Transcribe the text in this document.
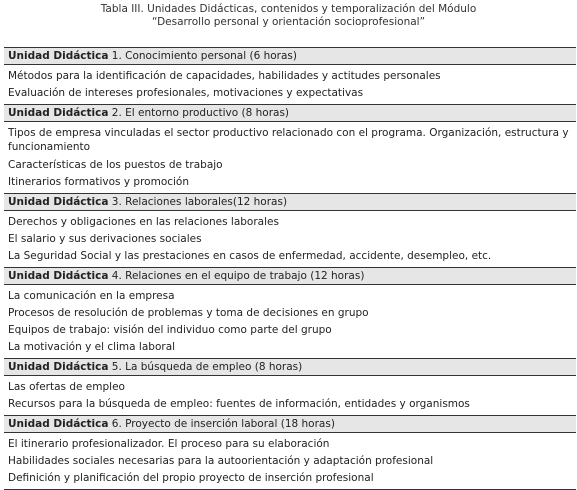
Tabla III. Unidades Didácticas, contenidos y temporalización del Módulo
“Desarrollo personal y orientación socioprofesional”
Unidad Didáctica 1. Conocimiento personal (6 horas)
Métodos para la identificación de capacidades, habilidades y actitudes personales
Evaluación de intereses profesionales, motivaciones y expectativas
Unidad Didáctica 2. El entorno productivo (8 horas)
Tipos de empresa vinculadas el sector productivo relacionado con el programa. Organización, estructura y funcionamiento
Características de los puestos de trabajo
Itinerarios formativos y promoción
Unidad Didáctica 3. Relaciones laborales(12 horas)
Derechos y obligaciones en las relaciones laborales
El salario y sus derivaciones sociales
La Seguridad Social y las prestaciones en casos de enfermedad, accidente, desempleo, etc.
Unidad Didáctica 4. Relaciones en el equipo de trabajo (12 horas)
La comunicación en la empresa
Procesos de resolución de problemas y toma de decisiones en grupo
Equipos de trabajo: visión del individuo como parte del grupo
La motivación y el clima laboral
Unidad Didáctica 5. La búsqueda de empleo (8 horas)
Las ofertas de empleo
Recursos para la búsqueda de empleo: fuentes de información, entidades y organismos
Unidad Didáctica 6. Proyecto de inserción laboral (18 horas)
El itinerario profesionalizador. El proceso para su elaboración
Habilidades sociales necesarias para la autoorientación y adaptación profesional
Definición y planificación del propio proyecto de inserción profesional
